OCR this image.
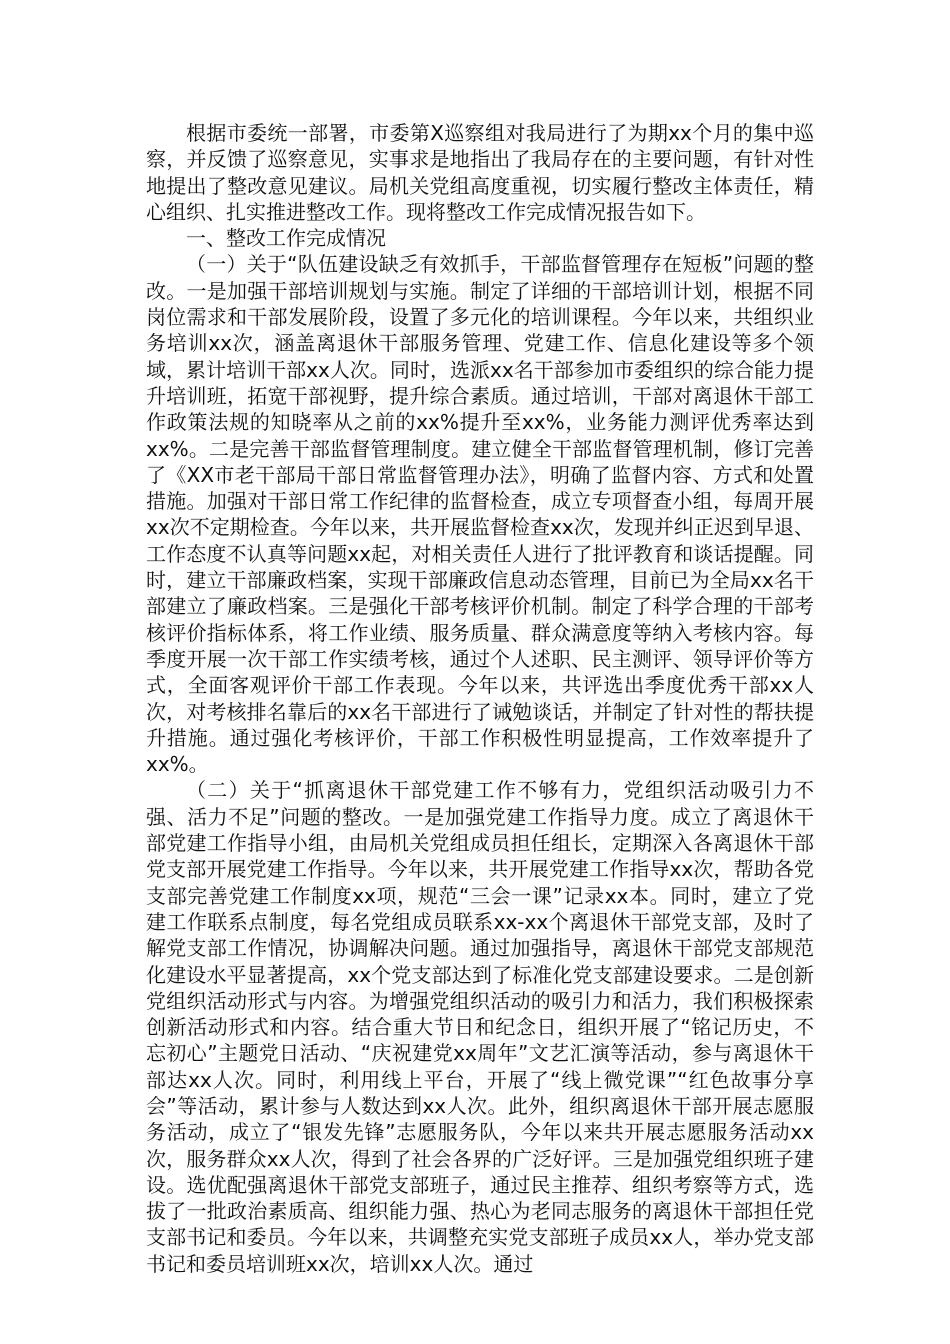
根据市委统一部署，市委第X巡察组对我局进行了为期xx个月的集中巡察，并反馈了巡察意见，实事求是地指出了我局存在的主要问题，有针对性地提出了整改意见建议。局机关党组高度重视，切实履行整改主体责任，精心组织、扎实推进整改工作。现将整改工作完成情况报告如下。

一、整改工作完成情况

（一）关于“队伍建设缺乏有效抓手，干部监督管理存在短板”问题的整改。一是加强干部培训规划与实施。制定了详细的干部培训计划，根据不同岗位需求和干部发展阶段，设置了多元化的培训课程。今年以来，共组织业务培训xx次，涵盖离退休干部服务管理、党建工作、信息化建设等多个领域，累计培训干部xx人次。同时，选派xx名干部参加市委组织的综合能力提升培训班，拓宽干部视野，提升综合素质。通过培训，干部对离退休干部工作政策法规的知晓率从之前的xx%提升至xx%，业务能力测评优秀率达到xx%。二是完善干部监督管理制度。建立健全干部监督管理机制，修订完善了《XX市老干部局干部日常监督管理办法》，明确了监督内容、方式和处置措施。加强对干部日常工作纪律的监督检查，成立专项督查小组，每周开展xx次不定期检查。今年以来，共开展监督检查xx次，发现并纠正迟到早退、工作态度不认真等问题xx起，对相关责任人进行了批评教育和谈话提醒。同时，建立干部廉政档案，实现干部廉政信息动态管理，目前已为全局xx名干部建立了廉政档案。三是强化干部考核评价机制。制定了科学合理的干部考核评价指标体系，将工作业绩、服务质量、群众满意度等纳入考核内容。每季度开展一次干部工作实绩考核，通过个人述职、民主测评、领导评价等方式，全面客观评价干部工作表现。今年以来，共评选出季度优秀干部xx人次，对考核排名靠后的xx名干部进行了诫勉谈话，并制定了针对性的帮扶提升措施。通过强化考核评价，干部工作积极性明显提高，工作效率提升了xx%。

（二）关于“抓离退休干部党建工作不够有力，党组织活动吸引力不强、活力不足”问题的整改。一是加强党建工作指导力度。成立了离退休干部党建工作指导小组，由局机关党组成员担任组长，定期深入各离退休干部党支部开展党建工作指导。今年以来，共开展党建工作指导xx次，帮助各党支部完善党建工作制度xx项，规范“三会一课”记录xx本。同时，建立了党建工作联系点制度，每名党组成员联系xx-xx个离退休干部党支部，及时了解党支部工作情况，协调解决问题。通过加强指导，离退休干部党支部规范化建设水平显著提高，xx个党支部达到了标准化党支部建设要求。二是创新党组织活动形式与内容。为增强党组织活动的吸引力和活力，我们积极探索创新活动形式和内容。结合重大节日和纪念日，组织开展了“铭记历史，不忘初心”主题党日活动、“庆祝建党xx周年”文艺汇演等活动，参与离退休干部达xx人次。同时，利用线上平台，开展了“线上微党课”“红色故事分享会”等活动，累计参与人数达到xx人次。此外，组织离退休干部开展志愿服务活动，成立了“银发先锋”志愿服务队，今年以来共开展志愿服务活动xx次，服务群众xx人次，得到了社会各界的广泛好评。三是加强党组织班子建设。选优配强离退休干部党支部班子，通过民主推荐、组织考察等方式，选拔了一批政治素质高、组织能力强、热心为老同志服务的离退休干部担任党支部书记和委员。今年以来，共调整充实党支部班子成员xx人，举办党支部书记和委员培训班xx次，培训xx人次。通过
